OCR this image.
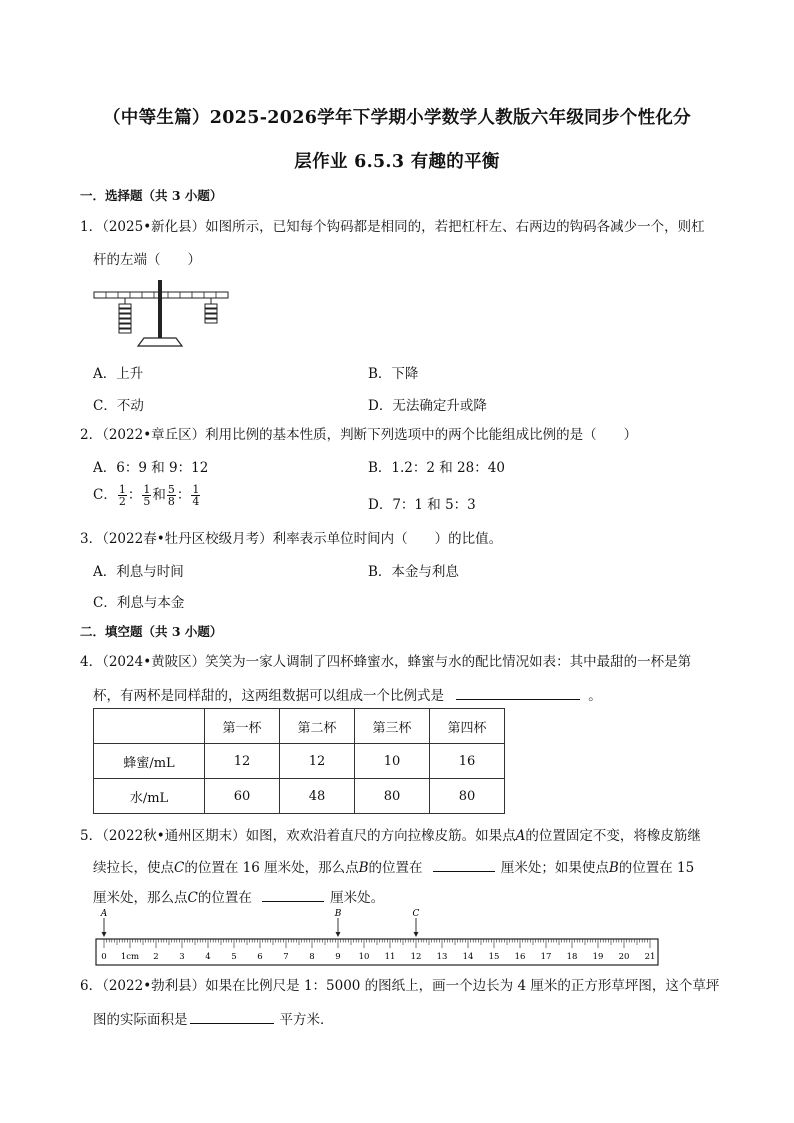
（中等生篇）2025-2026学年下学期小学数学人教版六年级同步个性化分
层作业 6.5.3 有趣的平衡
一．选择题（共 3 小题）
1．（2025•新化县）如图所示，已知每个钩码都是相同的，若把杠杆左、右两边的钩码各减少一个，则杠
杆的左端（　　）
A．上升	B．下降
C．不动	D．无法确定升或降
2．（2022•章丘区）利用比例的基本性质，判断下列选项中的两个比能组成比例的是（　　）
A．6：9 和 9：12	B．1.2：2 和 28：40
C． $\frac{1}{2}$ ： $\frac{1}{5}$ 和 $\frac{5}{8}$ ： $\frac{1}{4}$	D．7：1 和 5：3
3．（2022春•牡丹区校级月考）利率表示单位时间内（　　）的比值。
A．利息与时间	B．本金与利息
C．利息与本金
二．填空题（共 3 小题）
4．（2024•黄陂区）笑笑为一家人调制了四杯蜂蜜水，蜂蜜与水的配比情况如表：其中最甜的一杯是第
杯，有两杯是同样甜的，这两组数据可以组成一个比例式是	。
	第一杯	第二杯	第三杯	第四杯
蜂蜜/mL	12	12	10	16
水/mL	60	48	80	80
5．（2022秋•通州区期末）如图，欢欢沿着直尺的方向拉橡皮筋。如果点A的位置固定不变，将橡皮筋继
续拉长，使点C的位置在 16 厘米处，那么点B的位置在	厘米处；如果使点B的位置在 15
厘米处，那么点C的位置在	厘米处。
0 1cm 2 3 4 5 6 7 8 9 10 11 12 13 14 15 16 17 18 19 20 21
A	B	C
6．（2022•勃利县）如果在比例尺是 1：5000 的图纸上，画一个边长为 4 厘米的正方形草坪图，这个草坪
图的实际面积是	平方米．
